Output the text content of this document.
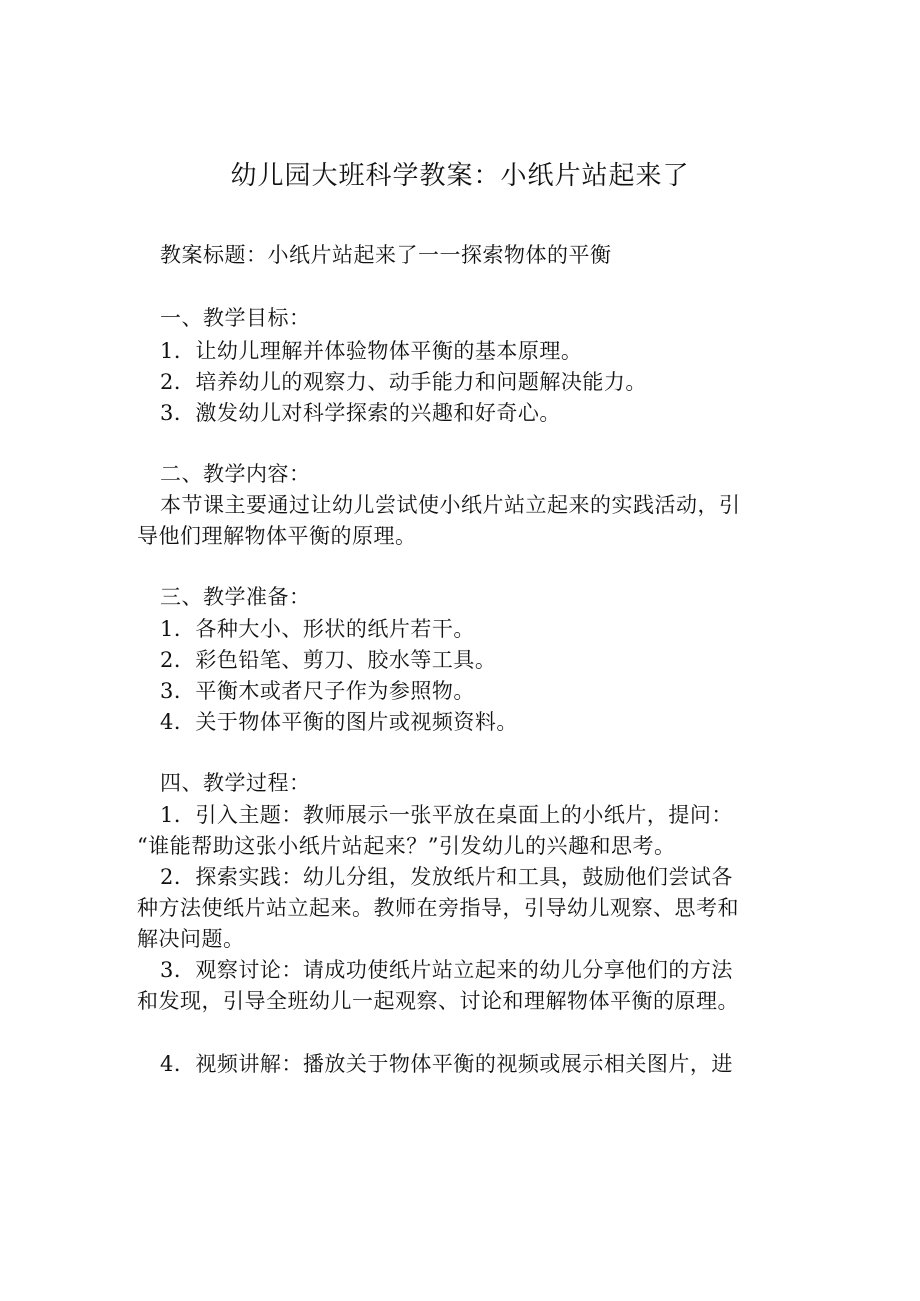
幼儿园大班科学教案：小纸片站起来了
教案标题：小纸片站起来了一一探索物体的平衡
一、教学目标：
1．让幼儿理解并体验物体平衡的基本原理。
2．培养幼儿的观察力、动手能力和问题解决能力。
3．激发幼儿对科学探索的兴趣和好奇心。
二、教学内容：
本节课主要通过让幼儿尝试使小纸片站立起来的实践活动，引
导他们理解物体平衡的原理。
三、教学准备：
1．各种大小、形状的纸片若干。
2．彩色铅笔、剪刀、胶水等工具。
3．平衡木或者尺子作为参照物。
4．关于物体平衡的图片或视频资料。
四、教学过程：
1．引入主题：教师展示一张平放在桌面上的小纸片，提问：
“谁能帮助这张小纸片站起来？”引发幼儿的兴趣和思考。
2．探索实践：幼儿分组，发放纸片和工具，鼓励他们尝试各
种方法使纸片站立起来。教师在旁指导，引导幼儿观察、思考和
解决问题。
3．观察讨论：请成功使纸片站立起来的幼儿分享他们的方法
和发现，引导全班幼儿一起观察、讨论和理解物体平衡的原理。
4．视频讲解：播放关于物体平衡的视频或展示相关图片，进
